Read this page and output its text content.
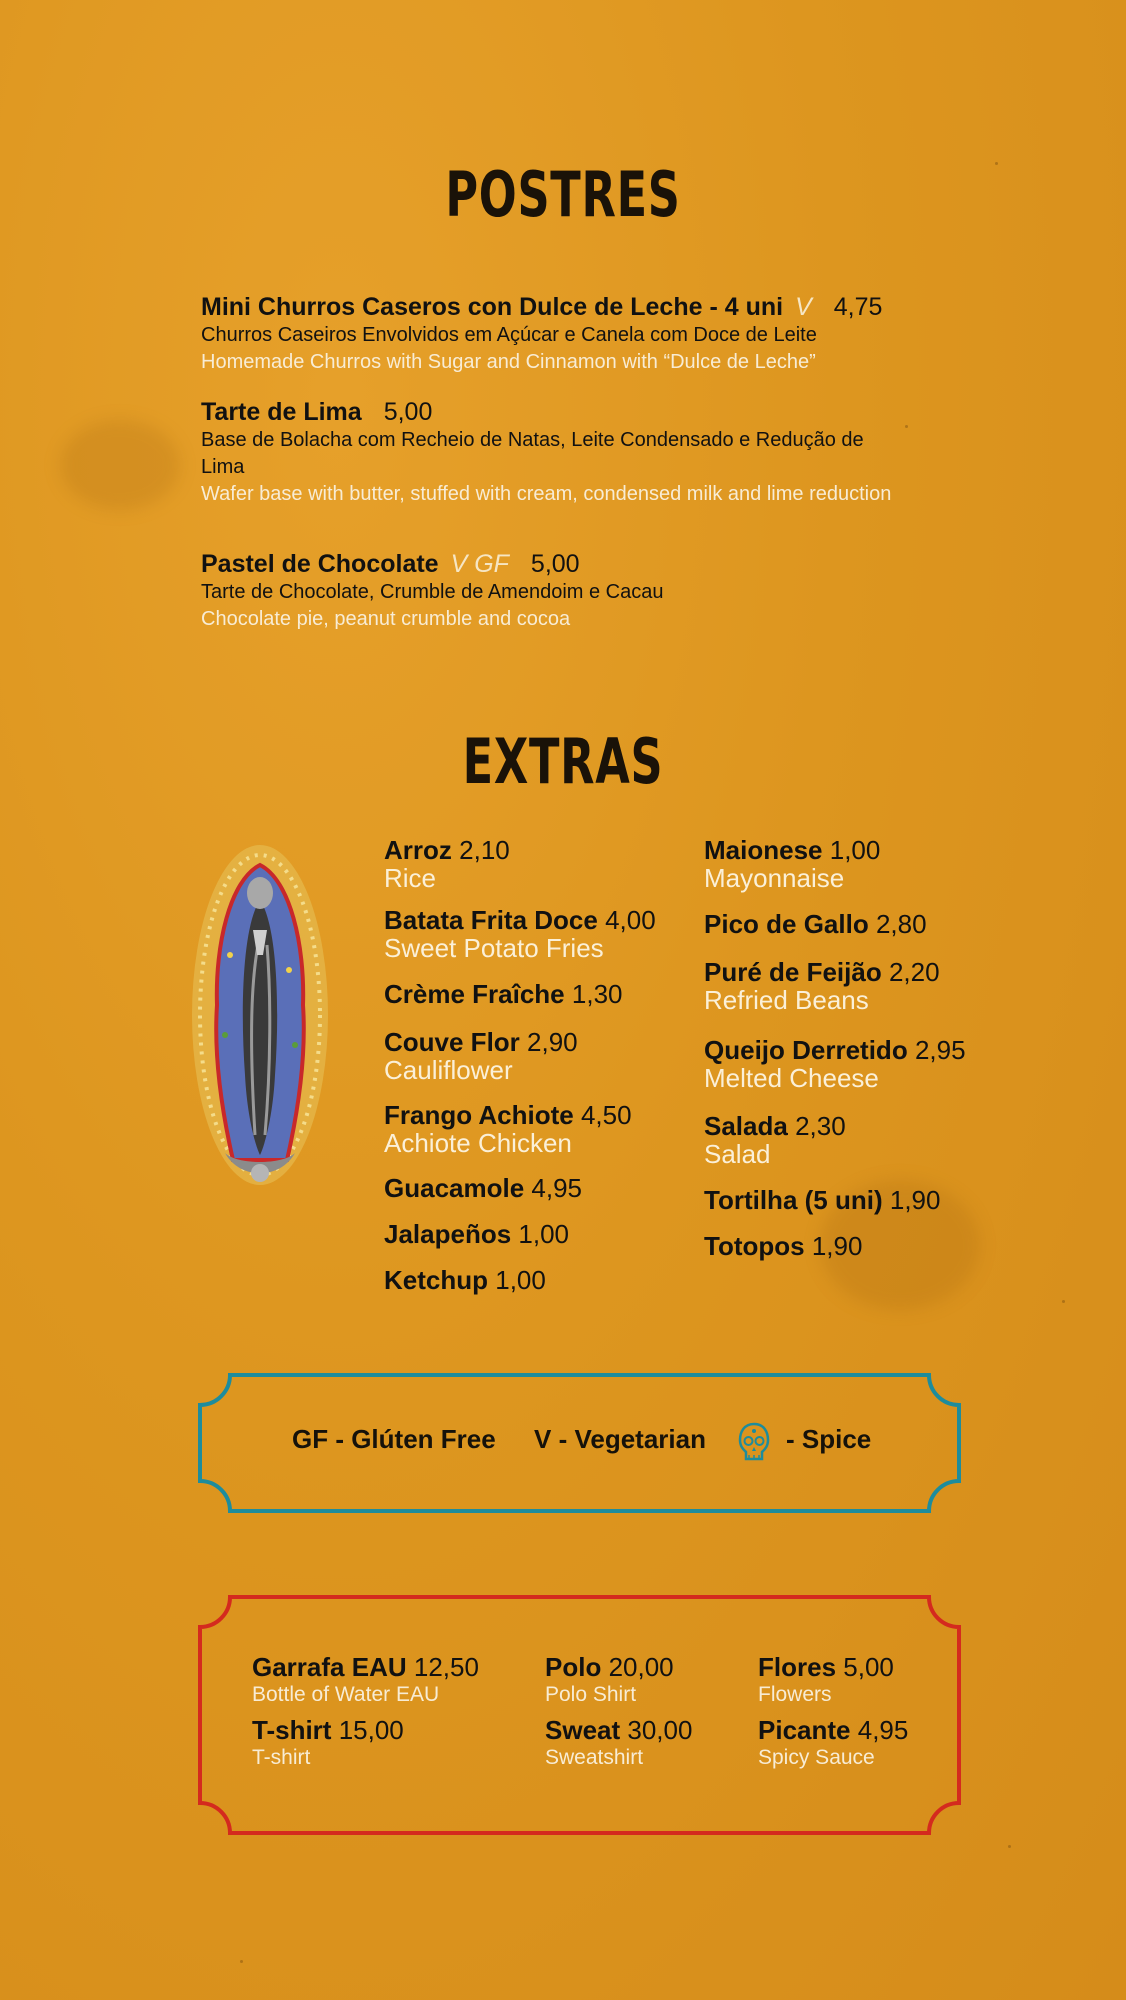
POSTRES
Mini Churros Caseros con Dulce de Leche - 4 uni V 4,75
Churros Caseiros Envolvidos em Açúcar e Canela com Doce de Leite
Homemade Churros with Sugar and Cinnamon with “Dulce de Leche”
Tarte de Lima 5,00
Base de Bolacha com Recheio de Natas, Leite Condensado e Redução de Lima
Wafer base with butter, stuffed with cream, condensed milk and lime reduction
Pastel de Chocolate V GF 5,00
Tarte de Chocolate, Crumble de Amendoim e Cacau
Chocolate pie, peanut crumble and cocoa
EXTRAS
Arroz 2,10
Rice
Batata Frita Doce 4,00
Sweet Potato Fries
Crème Fraîche 1,30
Couve Flor 2,90
Cauliflower
Frango Achiote 4,50
Achiote Chicken
Guacamole 4,95
Jalapeños 1,00
Ketchup 1,00
Maionese 1,00
Mayonnaise
Pico de Gallo 2,80
Puré de Feijão 2,20
Refried Beans
Queijo Derretido 2,95
Melted Cheese
Salada 2,30
Salad
Tortilha (5 uni) 1,90
Totopos 1,90
GF - Glúten Free V - Vegetarian	- Spice
Garrafa EAU 12,50
Bottle of Water EAU
Polo 20,00
Polo Shirt
Flores 5,00
Flowers
T-shirt 15,00
T-shirt
Sweat 30,00
Sweatshirt
Picante 4,95
Spicy Sauce
